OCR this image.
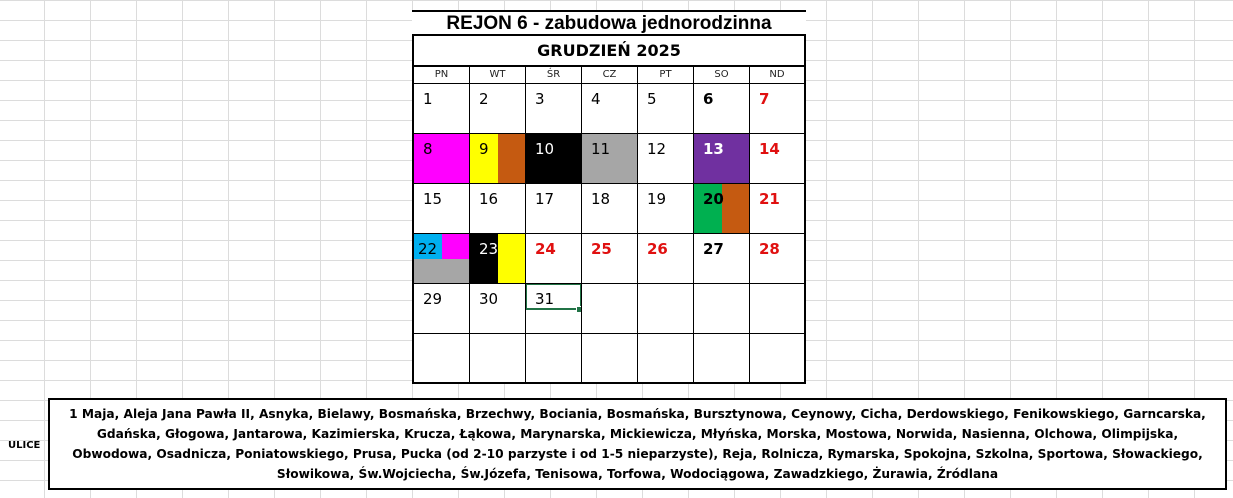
REJON 6 - zabudowa jednorodzinna
GRUDZIEŃ 2025
PN	WT	ŚR	CZ	PT	SO	ND
1	2	3	4	5	6	7
8	9	10 11 12 13 14
15 16 17 18 19 20 21
22	23 24 25 26 27 28
29 30 31
ULICE
1 Maja, Aleja Jana Pawła II, Asnyka, Bielawy, Bosmańska, Brzechwy, Bociania, Bosmańska, Bursztynowa, Ceynowy, Cicha, Derdowskiego, Fenikowskiego, Garncarska, Gdańska, Głogowa, Jantarowa, Kazimierska, Krucza, Łąkowa, Marynarska, Mickiewicza, Młyńska, Morska, Mostowa, Norwida, Nasienna, Olchowa, Olimpijska, Obwodowa, Osadnicza, Poniatowskiego, Prusa, Pucka (od 2-10 parzyste i od 1-5 nieparzyste), Reja, Rolnicza, Rymarska, Spokojna, Szkolna, Sportowa, Słowackiego, Słowikowa, Św.Wojciecha, Św.Józefa, Tenisowa, Torfowa, Wodociągowa, Zawadzkiego, Żurawia, Źródlana
